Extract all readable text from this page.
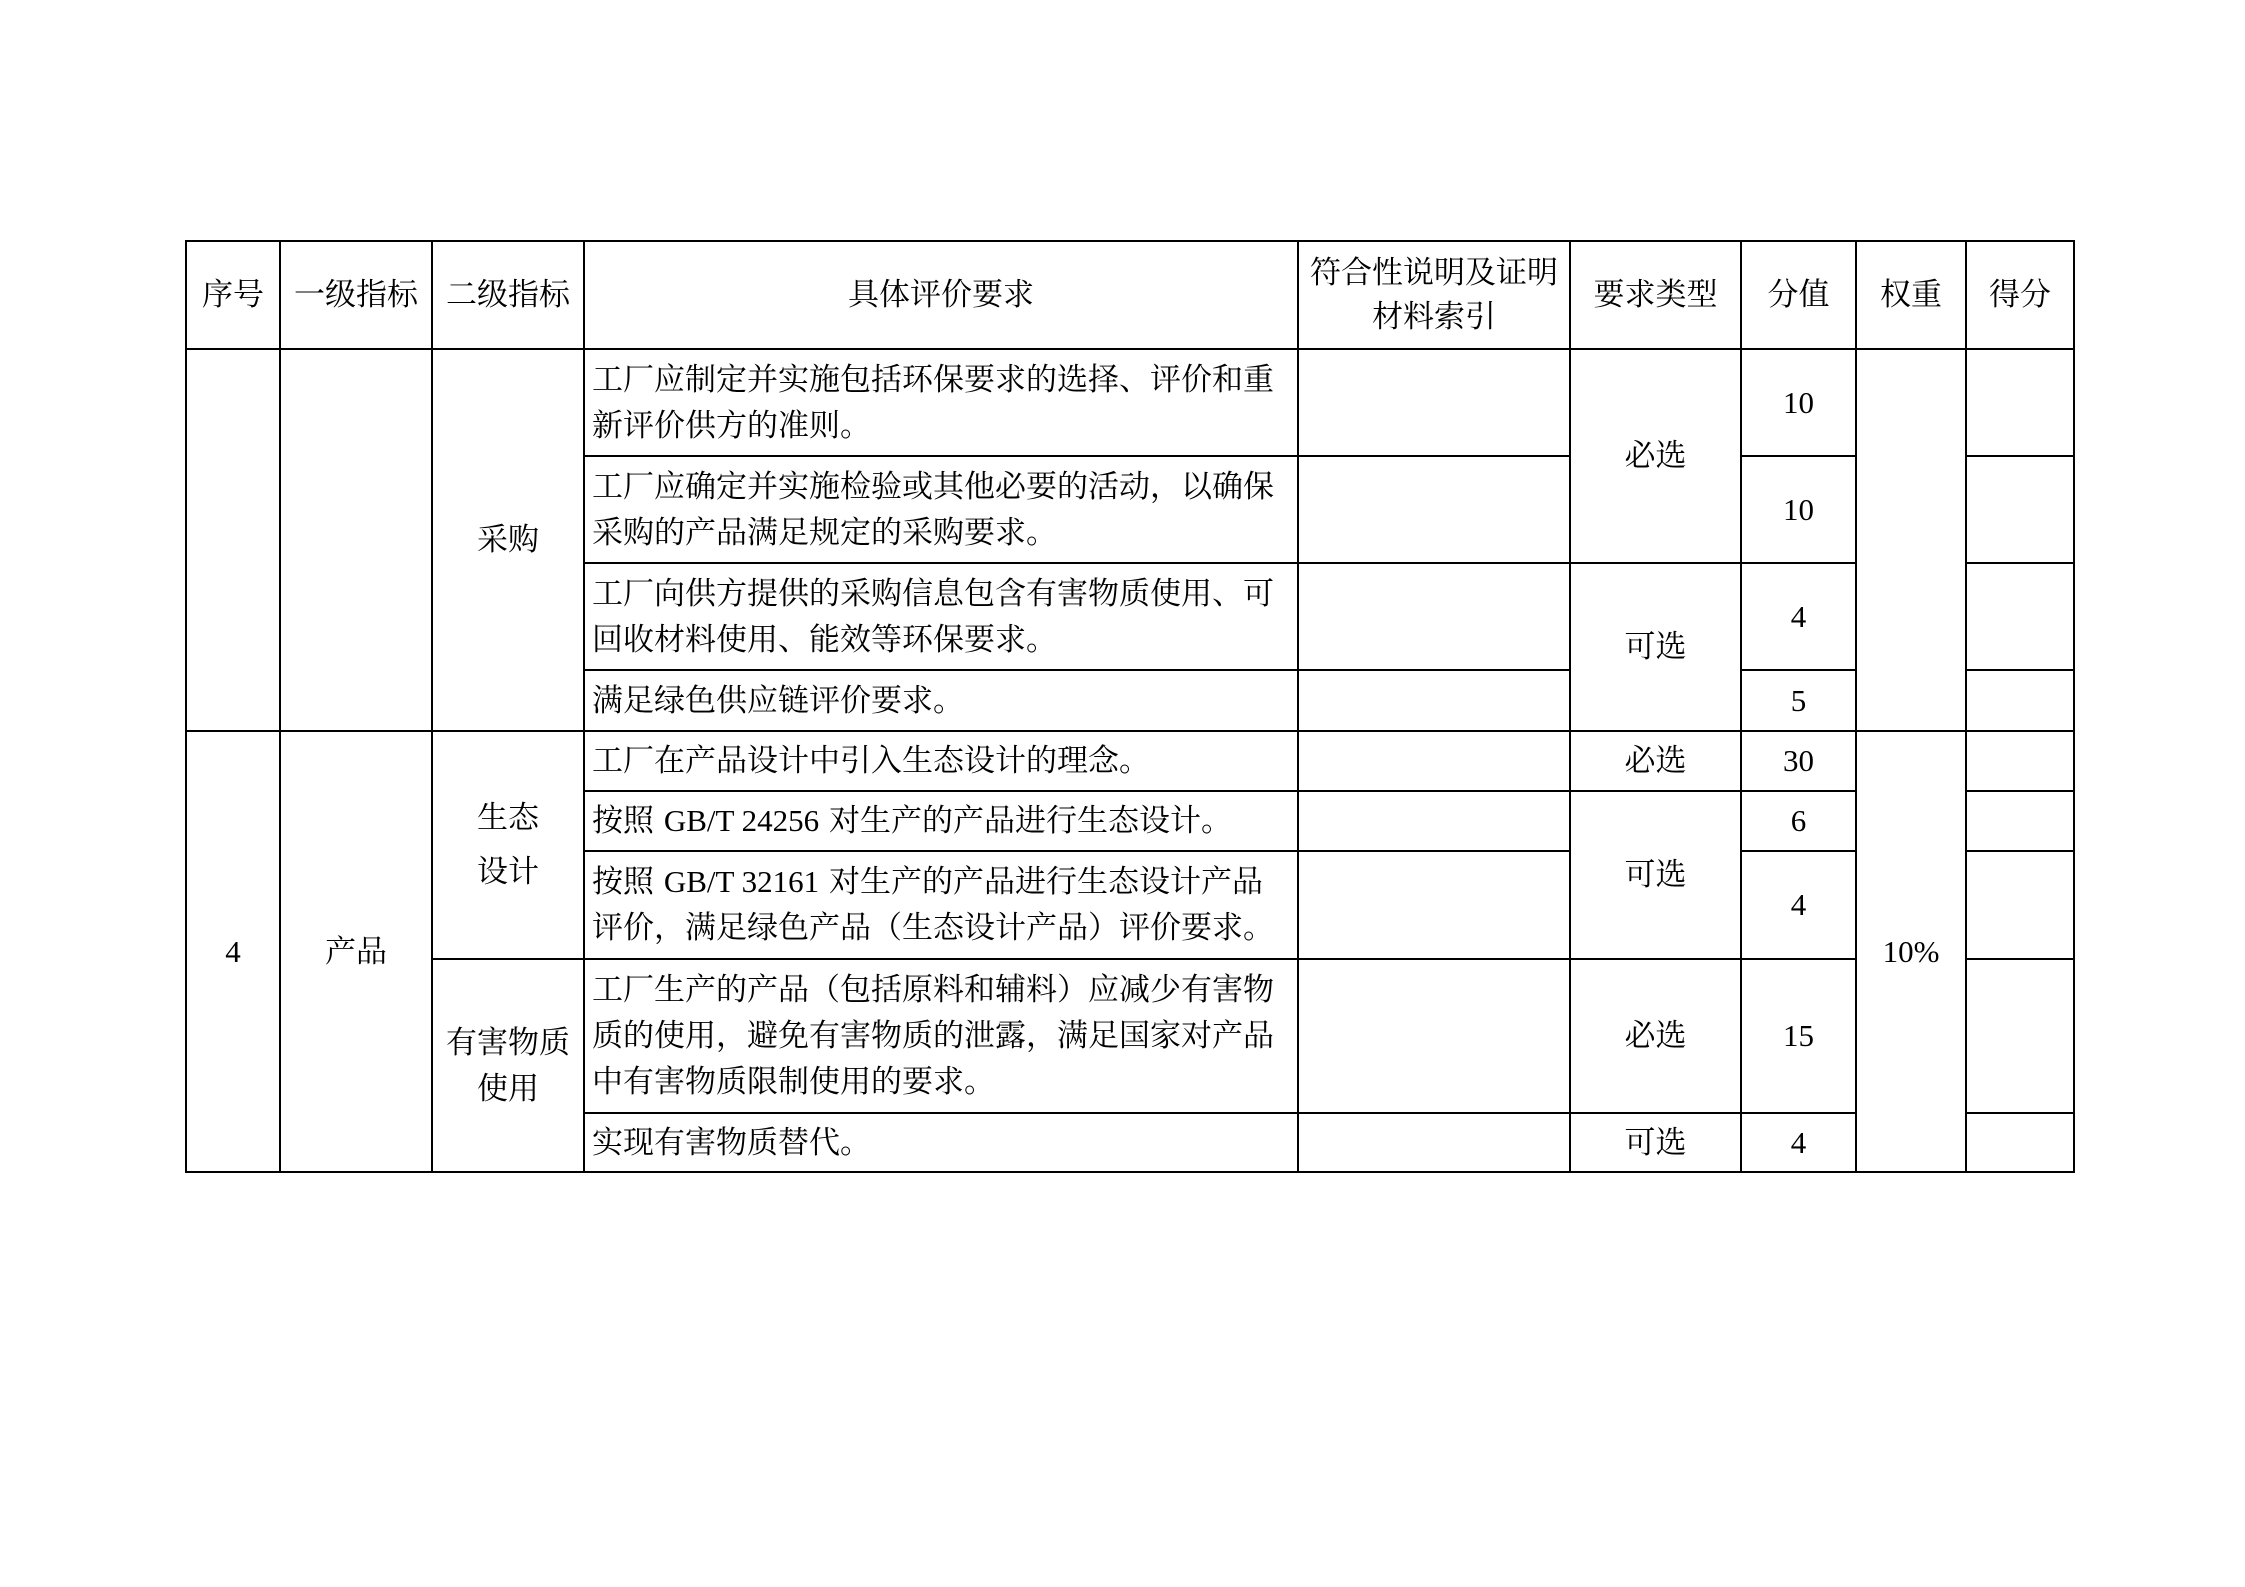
序号	一级指标	二级指标	具体评价要求	符合性说明及证明材料索引	要求类型	分值	权重	得分
		采购	工厂应制定并实施包括环保要求的选择、评价和重新评价供方的准则。		必选	10		
			工厂应确定并实施检验或其他必要的活动，以确保采购的产品满足规定的采购要求。			10		
			工厂向供方提供的采购信息包含有害物质使用、可回收材料使用、能效等环保要求。		可选	4		
			满足绿色供应链评价要求。			5		
4	产品	生态设计	工厂在产品设计中引入生态设计的理念。		必选	30	10%	
			按照 GB/T 24256 对生产的产品进行生态设计。		可选	6		
			按照 GB/T 32161 对生产的产品进行生态设计产品评价，满足绿色产品（生态设计产品）评价要求。			4		

		有害物质使用	工厂生产的产品（包括原料和辅料）应减少有害物质的使用，避免有害物质的泄露，满足国家对产品中有害物质限制使用的要求。		必选	15		
			实现有害物质替代。		可选	4		
